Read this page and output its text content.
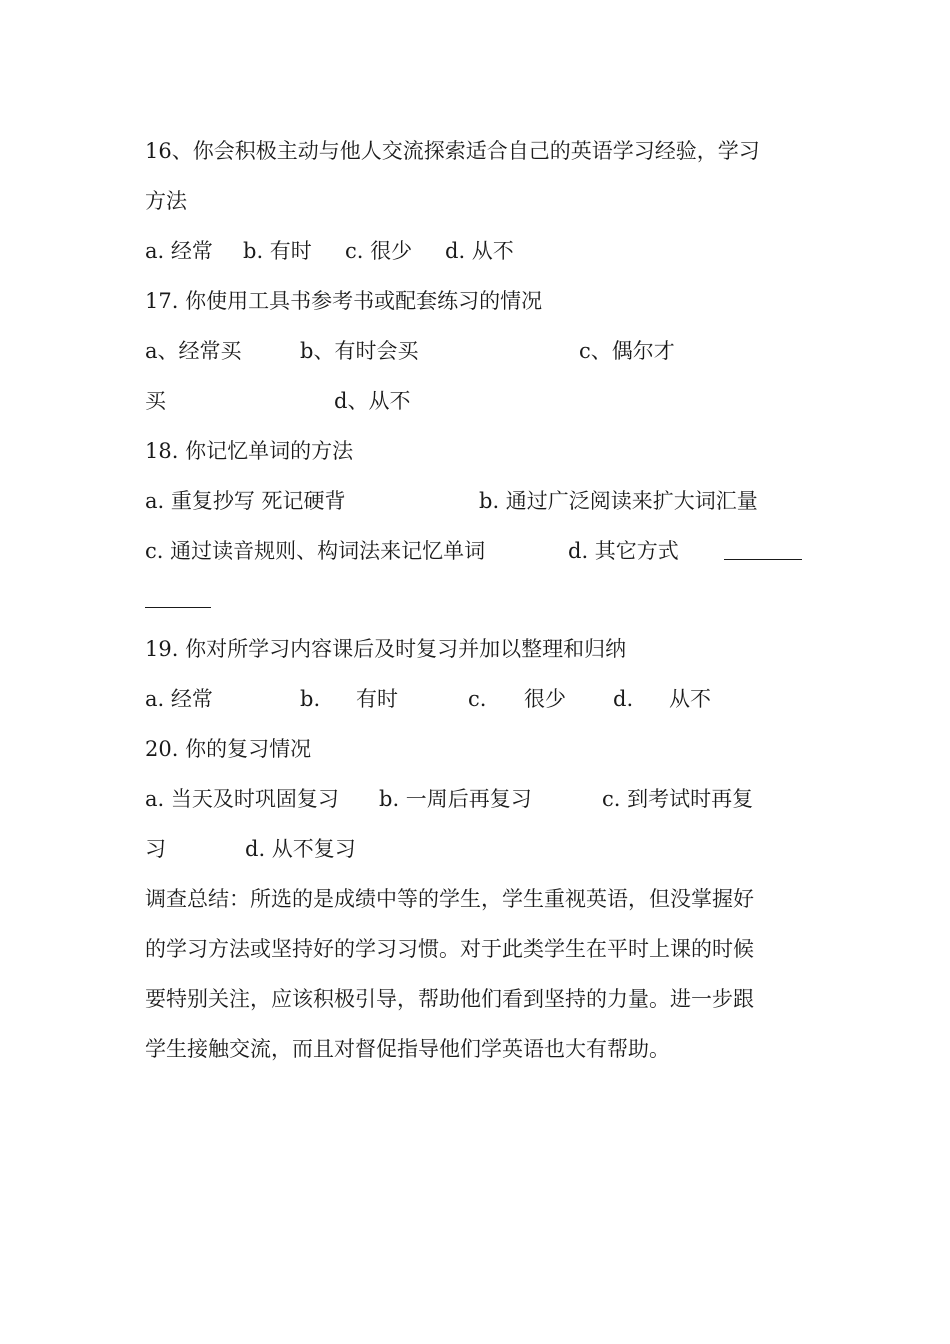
16、你会积极主动与他人交流探索适合自己的英语学习经验，学习
方法

a. 经常

b. 有时

c. 很少

d. 从不

17. 你使用工具书参考书或配套练习的情况

a、经常买

	b、有时会买

	c、偶尔才

买

	d、从不

18. 你记忆单词的方法

a. 重复抄写 死记硬背

	b. 通过广泛阅读来扩大词汇量

c. 通过读音规则、构词法来记忆单词

	d. 其它方式

19. 你对所学习内容课后及时复习并加以整理和归纳

a. 经常

	b.

有时

	c.

很少

d.

从不

20. 你的复习情况

a. 当天及时巩固复习

b. 一周后再复习

	c. 到考试时再复

习

	d. 从不复习

调查总结：所选的是成绩中等的学生，学生重视英语，但没掌握好
的学习方法或坚持好的学习习惯。对于此类学生在平时上课的时候
要特别关注，应该积极引导，帮助他们看到坚持的力量。进一步跟
学生接触交流，而且对督促指导他们学英语也大有帮助。
